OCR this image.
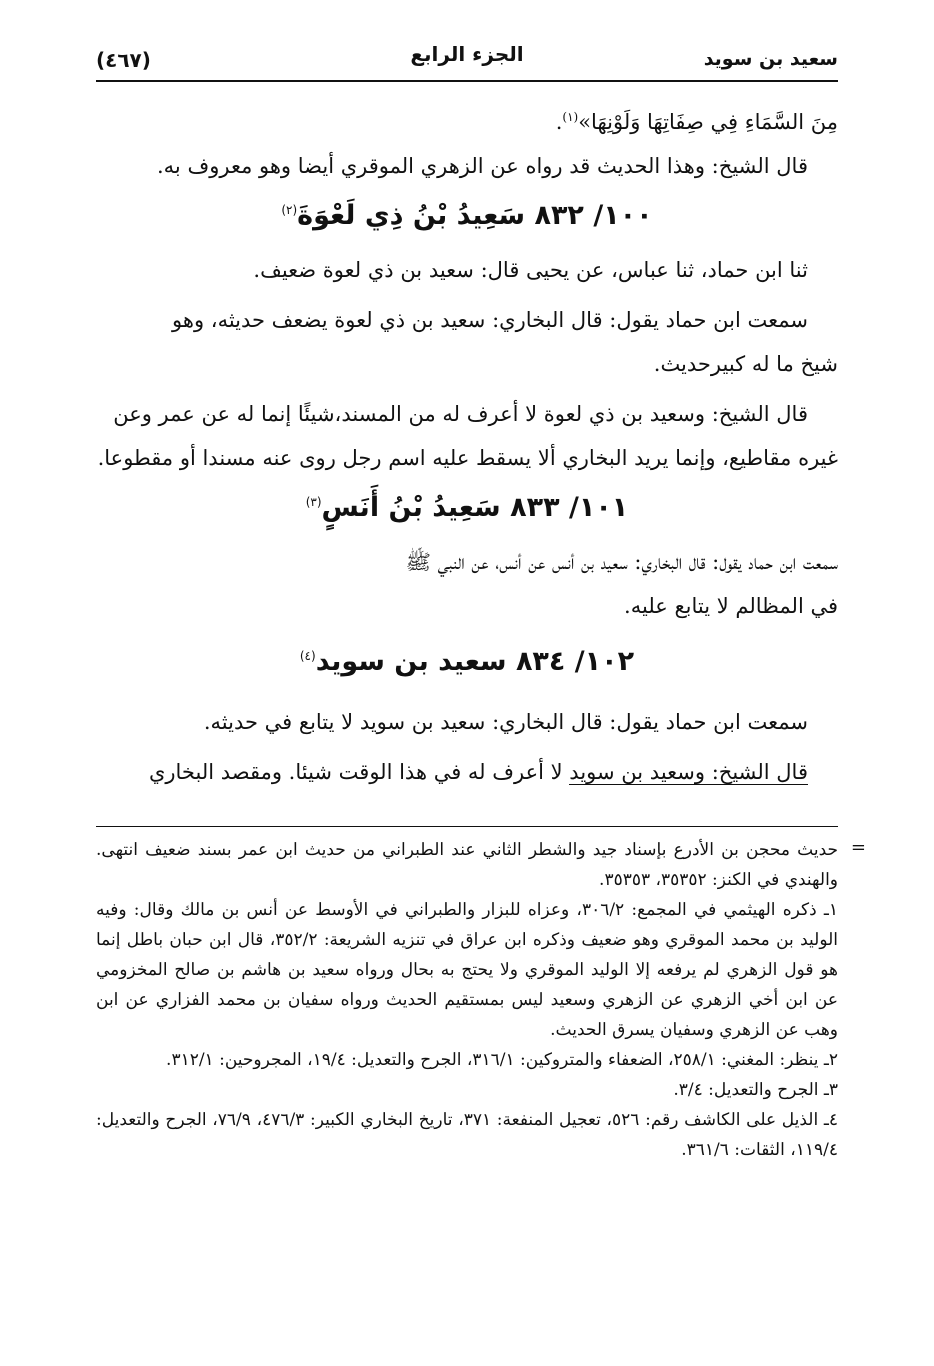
سعيد بن سويد
الجزء الرابع
(٤٦٧)
مِنَ السَّمَاءِ فِي صِفَاتِهَا وَلَوْنِهَا»$^{(١)}$.
قال الشيخ: وهذا الحديث قد رواه عن الزهري الموقري أيضا وهو معروف به.
١٠٠/ ٨٣٢ سَعِيدُ بْنُ ذِي لَعْوَةَ$^{(٢)}$
ثنا ابن حماد، ثنا عباس، عن يحيى قال: سعيد بن ذي لعوة ضعيف.
سمعت ابن حماد يقول: قال البخاري: سعيد بن ذي لعوة يضعف حديثه، وهو
شيخ ما له كبيرحديث.
قال الشيخ: وسعيد بن ذي لعوة لا أعرف له من المسند،شيئًا إنما له عن عمر وعن
غيره مقاطيع، وإنما يريد البخاري ألا يسقط عليه اسم رجل روى عنه مسندا أو مقطوعا.
١٠١/ ٨٣٣ سَعِيدُ بْنُ أَنَسٍ$^{(٣)}$
سمعت ابن حماد يقول: قال البخاري: سعيد بن أنس عن أنس، عن النبي ﷺ
في المظالم لا يتابع عليه.
١٠٢/ ٨٣٤ سعيد بن سويد$^{(٤)}$
سمعت ابن حماد يقول: قال البخاري: سعيد بن سويد لا يتابع في حديثه.
قال الشيخ: وسعيد بن سويد لا أعرف له في هذا الوقت شيئا. ومقصد البخاري
=
حديث محجن بن الأدرع بإسناد جيد والشطر الثاني عند الطبراني من حديث ابن عمر بسند ضعيف انتهى. والهندي في الكنز: ٣٥٣٥٢، ٣٥٣٥٣.
١ـ ذكره الهيثمي في المجمع: ٣٠٦/٢، وعزاه للبزار والطبراني في الأوسط عن أنس بن مالك وقال: وفيه الوليد بن محمد الموقري وهو ضعيف وذكره ابن عراق في تنزيه الشريعة: ٣٥٢/٢، قال ابن حبان باطل إنما هو قول الزهري لم يرفعه إلا الوليد الموقري ولا يحتج به بحال ورواه سعيد بن هاشم بن صالح المخزومي عن ابن أخي الزهري عن الزهري وسعيد ليس بمستقيم الحديث ورواه سفيان بن محمد الفزاري عن ابن وهب عن الزهري وسفيان يسرق الحديث.
٢ـ ينظر: المغني: ٢٥٨/١، الضعفاء والمتروكين: ٣١٦/١، الجرح والتعديل: ١٩/٤، المجروحين: ٣١٢/١.
٣ـ الجرح والتعديل: ٣/٤.
٤ـ الذيل على الكاشف رقم: ٥٢٦، تعجيل المنفعة: ٣٧١، تاريخ البخاري الكبير: ٤٧٦/٣، ٧٦/٩، الجرح والتعديل: ١١٩/٤، الثقات: ٣٦١/٦.
